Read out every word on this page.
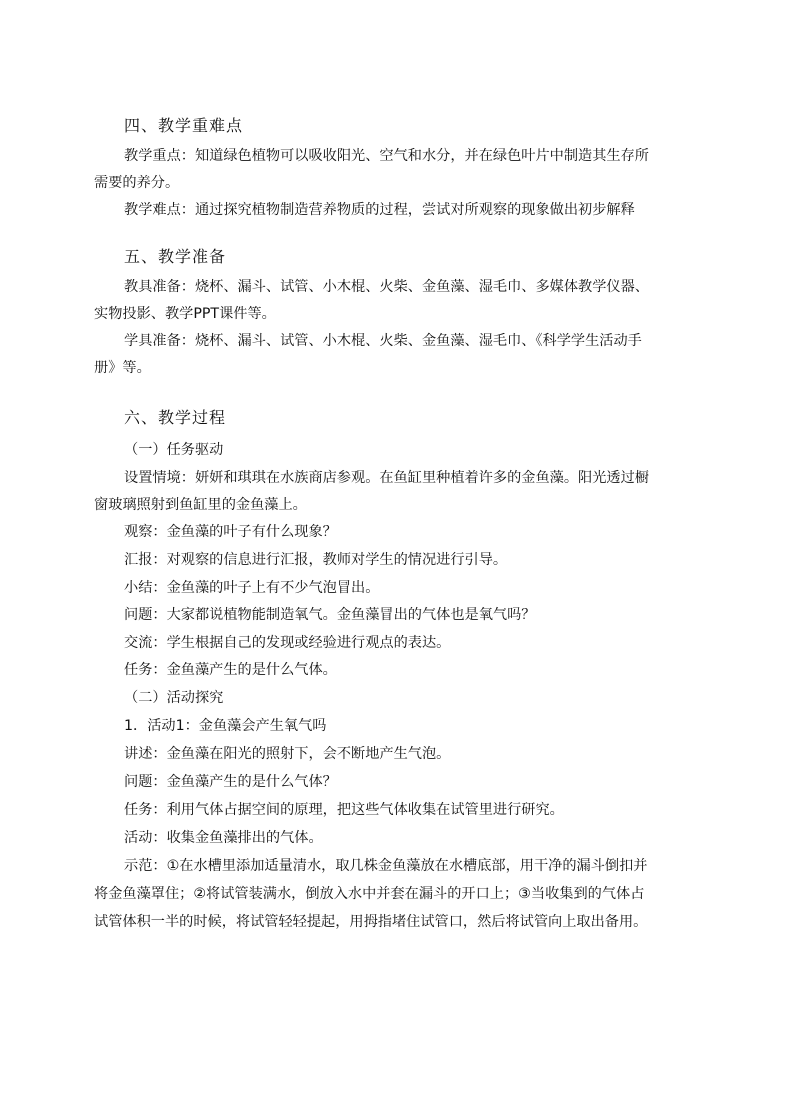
四、教学重难点
教学重点：知道绿色植物可以吸收阳光、空气和水分，并在绿色叶片中制造其生存所
需要的养分。
教学难点：通过探究植物制造营养物质的过程，尝试对所观察的现象做出初步解释
五、教学准备
教具准备：烧杯、漏斗、试管、小木棍、火柴、金鱼藻、湿毛巾、多媒体教学仪器、
实物投影、教学PPT课件等。
学具准备：烧杯、漏斗、试管、小木棍、火柴、金鱼藻、湿毛巾、《科学学生活动手
册》等。
六、教学过程
（一）任务驱动
设置情境：妍妍和琪琪在水族商店参观。在鱼缸里种植着许多的金鱼藻。阳光透过橱
窗玻璃照射到鱼缸里的金鱼藻上。
观察：金鱼藻的叶子有什么现象？
汇报：对观察的信息进行汇报，教师对学生的情况进行引导。
小结：金鱼藻的叶子上有不少气泡冒出。
问题：大家都说植物能制造氧气。金鱼藻冒出的气体也是氧气吗？
交流：学生根据自己的发现或经验进行观点的表达。
任务：金鱼藻产生的是什么气体。
（二）活动探究
1．活动1：金鱼藻会产生氧气吗
讲述：金鱼藻在阳光的照射下，会不断地产生气泡。
问题：金鱼藻产生的是什么气体？
任务：利用气体占据空间的原理，把这些气体收集在试管里进行研究。
活动：收集金鱼藻排出的气体。
示范：①在水槽里添加适量清水，取几株金鱼藻放在水槽底部，用干净的漏斗倒扣并
将金鱼藻罩住；②将试管装满水，倒放入水中并套在漏斗的开口上；③当收集到的气体占
试管体积一半的时候，将试管轻轻提起，用拇指堵住试管口，然后将试管向上取出备用。
